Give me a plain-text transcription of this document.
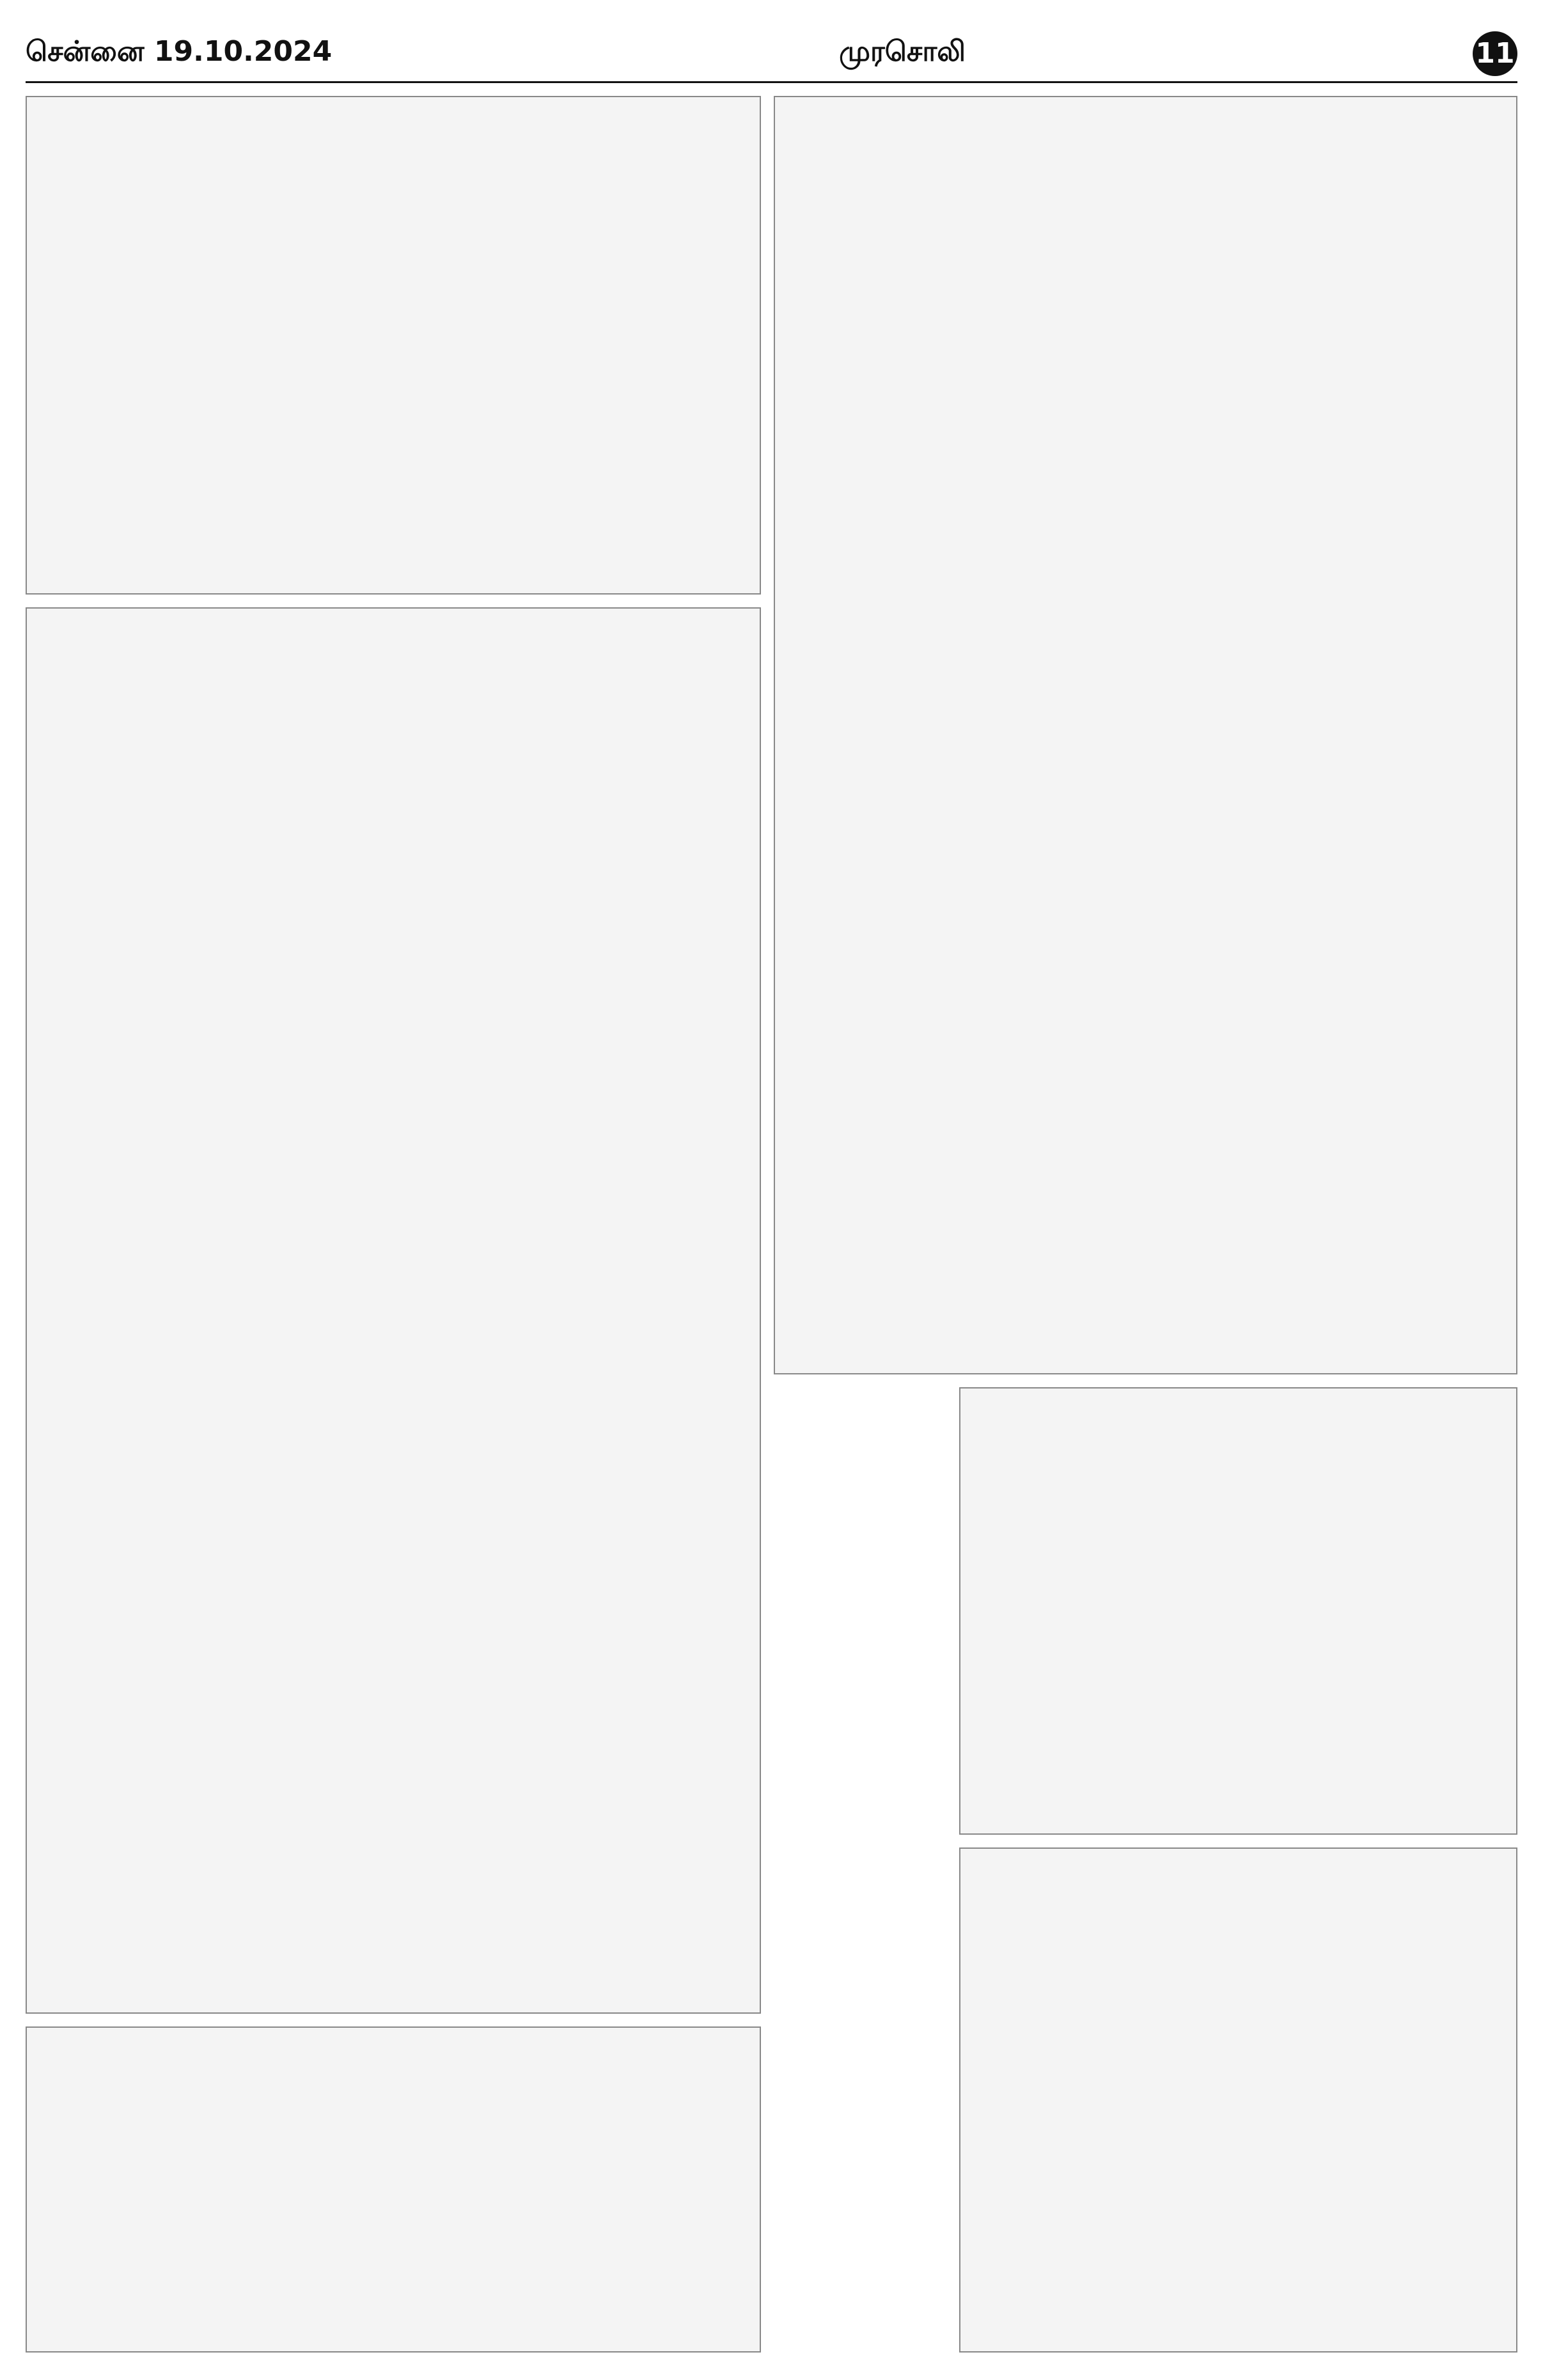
சென்னை 19.10.2024	முரசொலி	11
